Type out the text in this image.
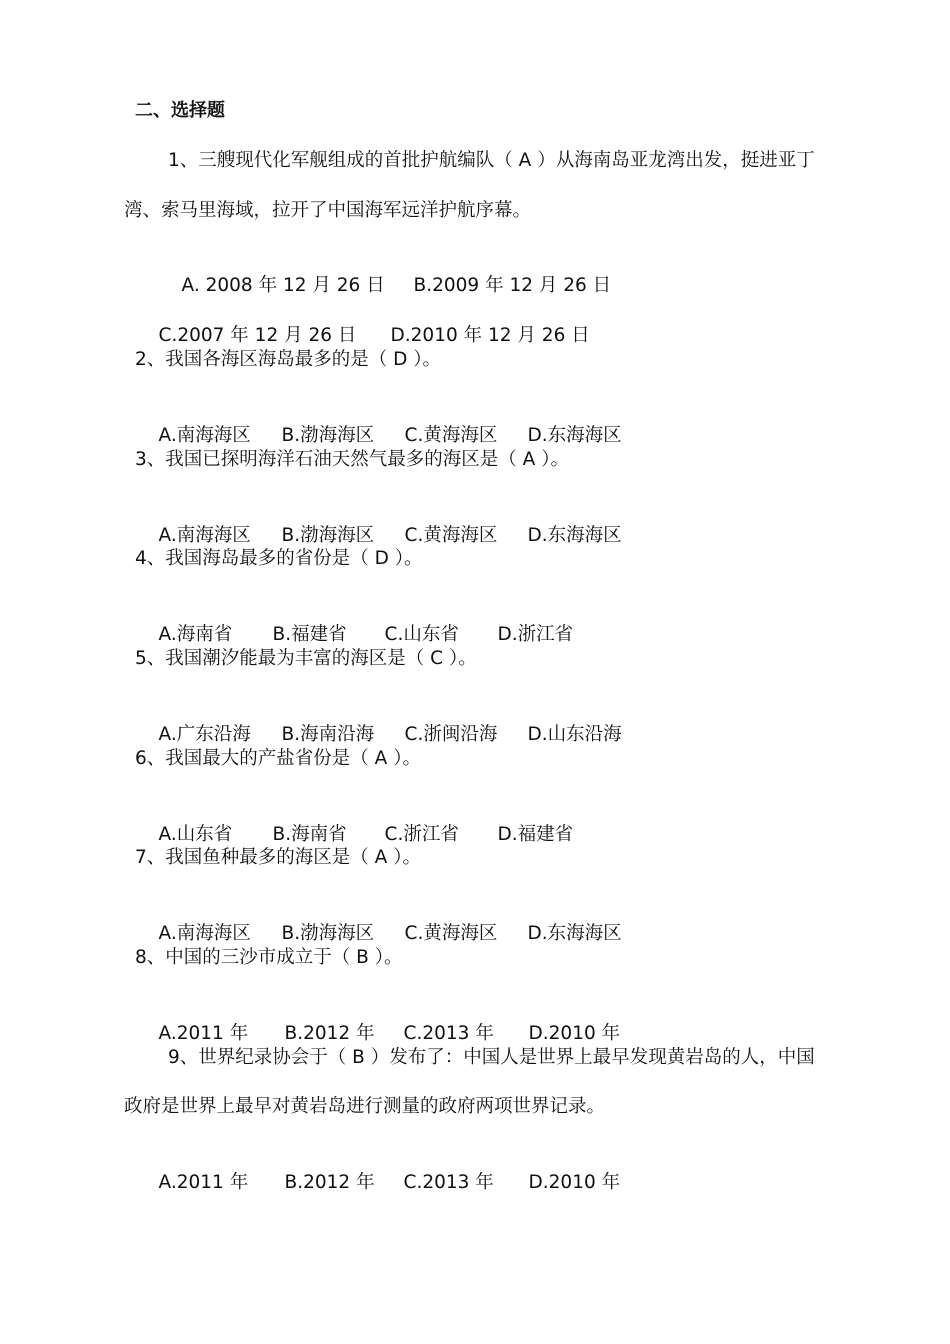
二、选择题
1、三艘现代化军舰组成的首批护航编队（ A ）从海南岛亚龙湾出发，挺进亚丁
湾、索马里海域，拉开了中国海军远洋护航序幕。

A. 2008 年 12 月 26 日 B.2009 年 12 月 26 日

C.2007 年 12 月 26 日 D.2010 年 12 月 26 日

2、我国各海区海岛最多的是（ D ）。

A.南海海区 B.渤海海区 C.黄海海区 D.东海海区

3、我国已探明海洋石油天然气最多的海区是（ A ）。

A.南海海区 B.渤海海区 C.黄海海区 D.东海海区

4、我国海岛最多的省份是（ D ）。

A.海南省 B.福建省 C.山东省 D.浙江省

5、我国潮汐能最为丰富的海区是（ C ）。

A.广东沿海 B.海南沿海 C.浙闽沿海 D.山东沿海

6、我国最大的产盐省份是（ A ）。

A.山东省 B.海南省 C.浙江省 D.福建省

7、我国鱼种最多的海区是（ A ）。

A.南海海区 B.渤海海区 C.黄海海区 D.东海海区

8、中国的三沙市成立于（ B ）。

A.2011 年 B.2012 年 C.2013 年 D.2010 年

9、世界纪录协会于（ B ）发布了：中国人是世界上最早发现黄岩岛的人，中国
政府是世界上最早对黄岩岛进行测量的政府两项世界记录。

A.2011 年 B.2012 年 C.2013 年 D.2010 年
